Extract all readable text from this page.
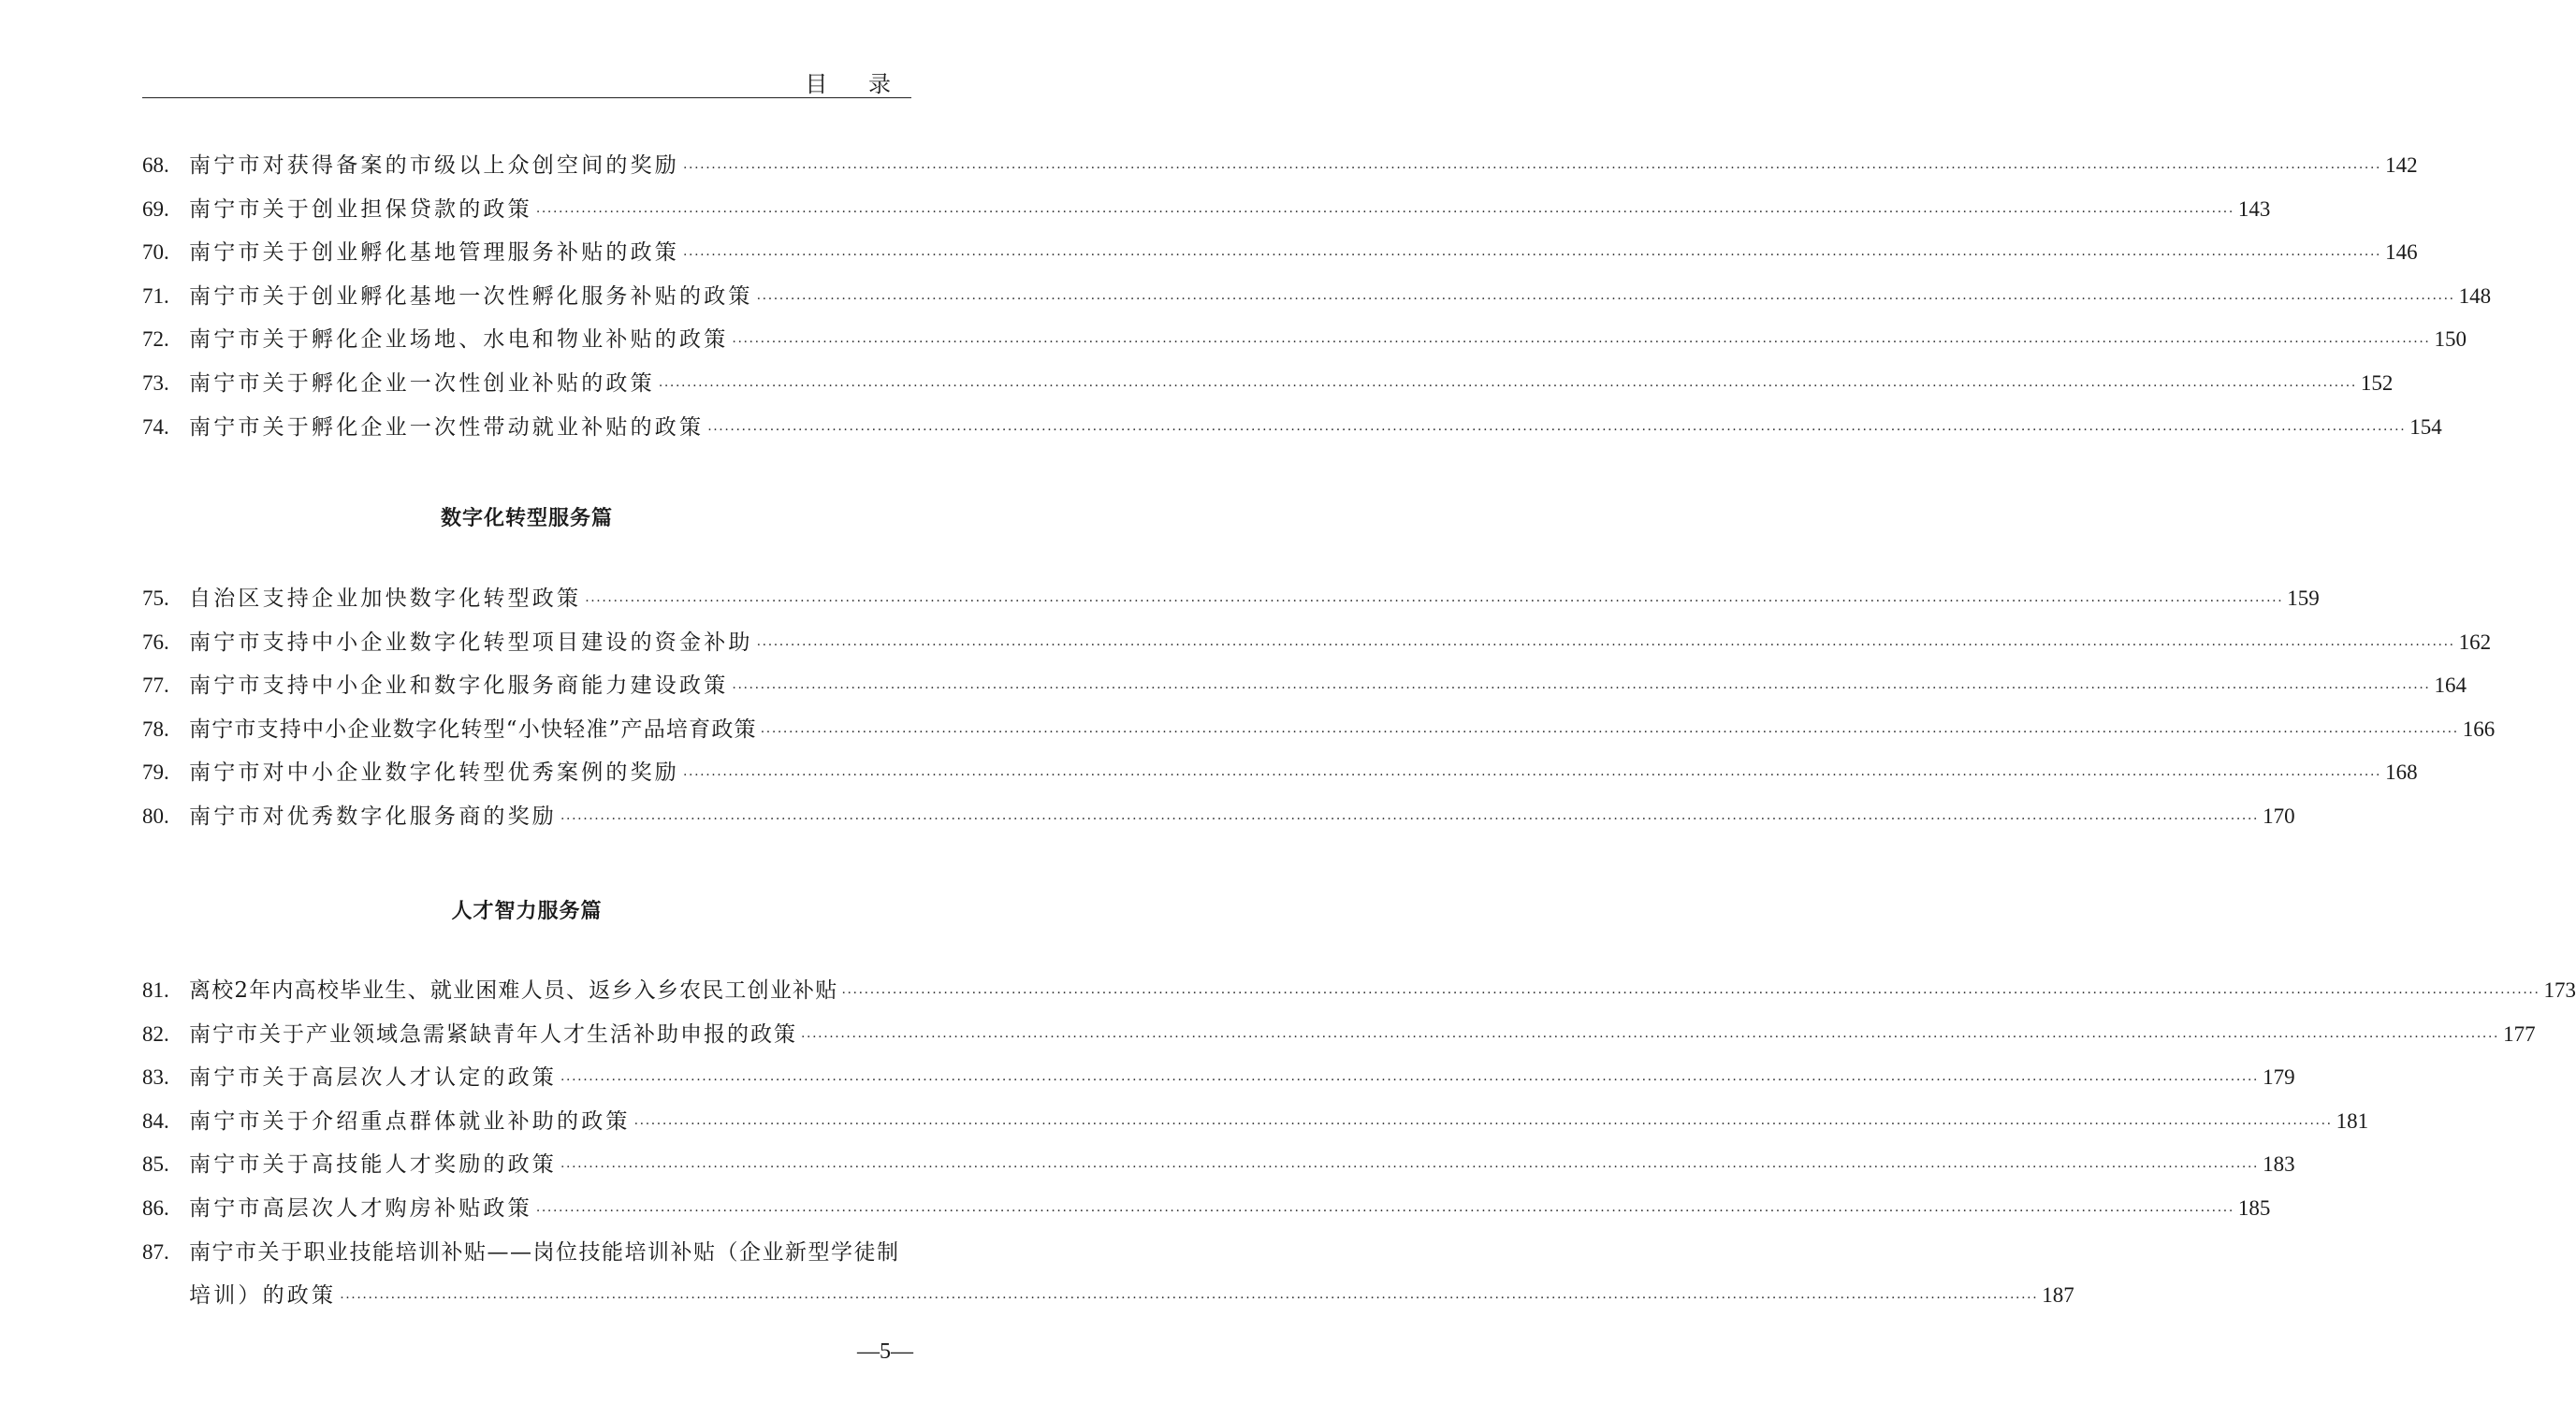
目 录
68. 南宁市对获得备案的市级以上众创空间的奖励 ············································································································································································································································································································ 142
69. 南宁市关于创业担保贷款的政策 ············································································································································································································································································································ 143
70. 南宁市关于创业孵化基地管理服务补贴的政策 ············································································································································································································································································································ 146
71. 南宁市关于创业孵化基地一次性孵化服务补贴的政策 ············································································································································································································································································································ 148
72. 南宁市关于孵化企业场地、水电和物业补贴的政策 ············································································································································································································································································································ 150
73. 南宁市关于孵化企业一次性创业补贴的政策 ············································································································································································································································································································ 152
74. 南宁市关于孵化企业一次性带动就业补贴的政策 ············································································································································································································································································································ 154
数字化转型服务篇
75. 自治区支持企业加快数字化转型政策 ············································································································································································································································································································ 159
76. 南宁市支持中小企业数字化转型项目建设的资金补助 ············································································································································································································································································································ 162
77. 南宁市支持中小企业和数字化服务商能力建设政策 ············································································································································································································································································································ 164
78. 南宁市支持中小企业数字化转型“小快轻准”产品培育政策 ············································································································································································································································································································ 166
79. 南宁市对中小企业数字化转型优秀案例的奖励 ············································································································································································································································································································ 168
80. 南宁市对优秀数字化服务商的奖励 ············································································································································································································································································································ 170
人才智力服务篇
81. 离校2年内高校毕业生、就业困难人员、返乡入乡农民工创业补贴 ············································································································································································································································································································ 173
82. 南宁市关于产业领域急需紧缺青年人才生活补助申报的政策 ············································································································································································································································································································ 177
83. 南宁市关于高层次人才认定的政策 ············································································································································································································································································································ 179
84. 南宁市关于介绍重点群体就业补助的政策 ············································································································································································································································································································ 181
85. 南宁市关于高技能人才奖励的政策 ············································································································································································································································································································ 183
86. 南宁市高层次人才购房补贴政策 ············································································································································································································································································································ 185
87. 南宁市关于职业技能培训补贴——岗位技能培训补贴（企业新型学徒制
培训）的政策 ············································································································································································································································································································ 187
—5—
